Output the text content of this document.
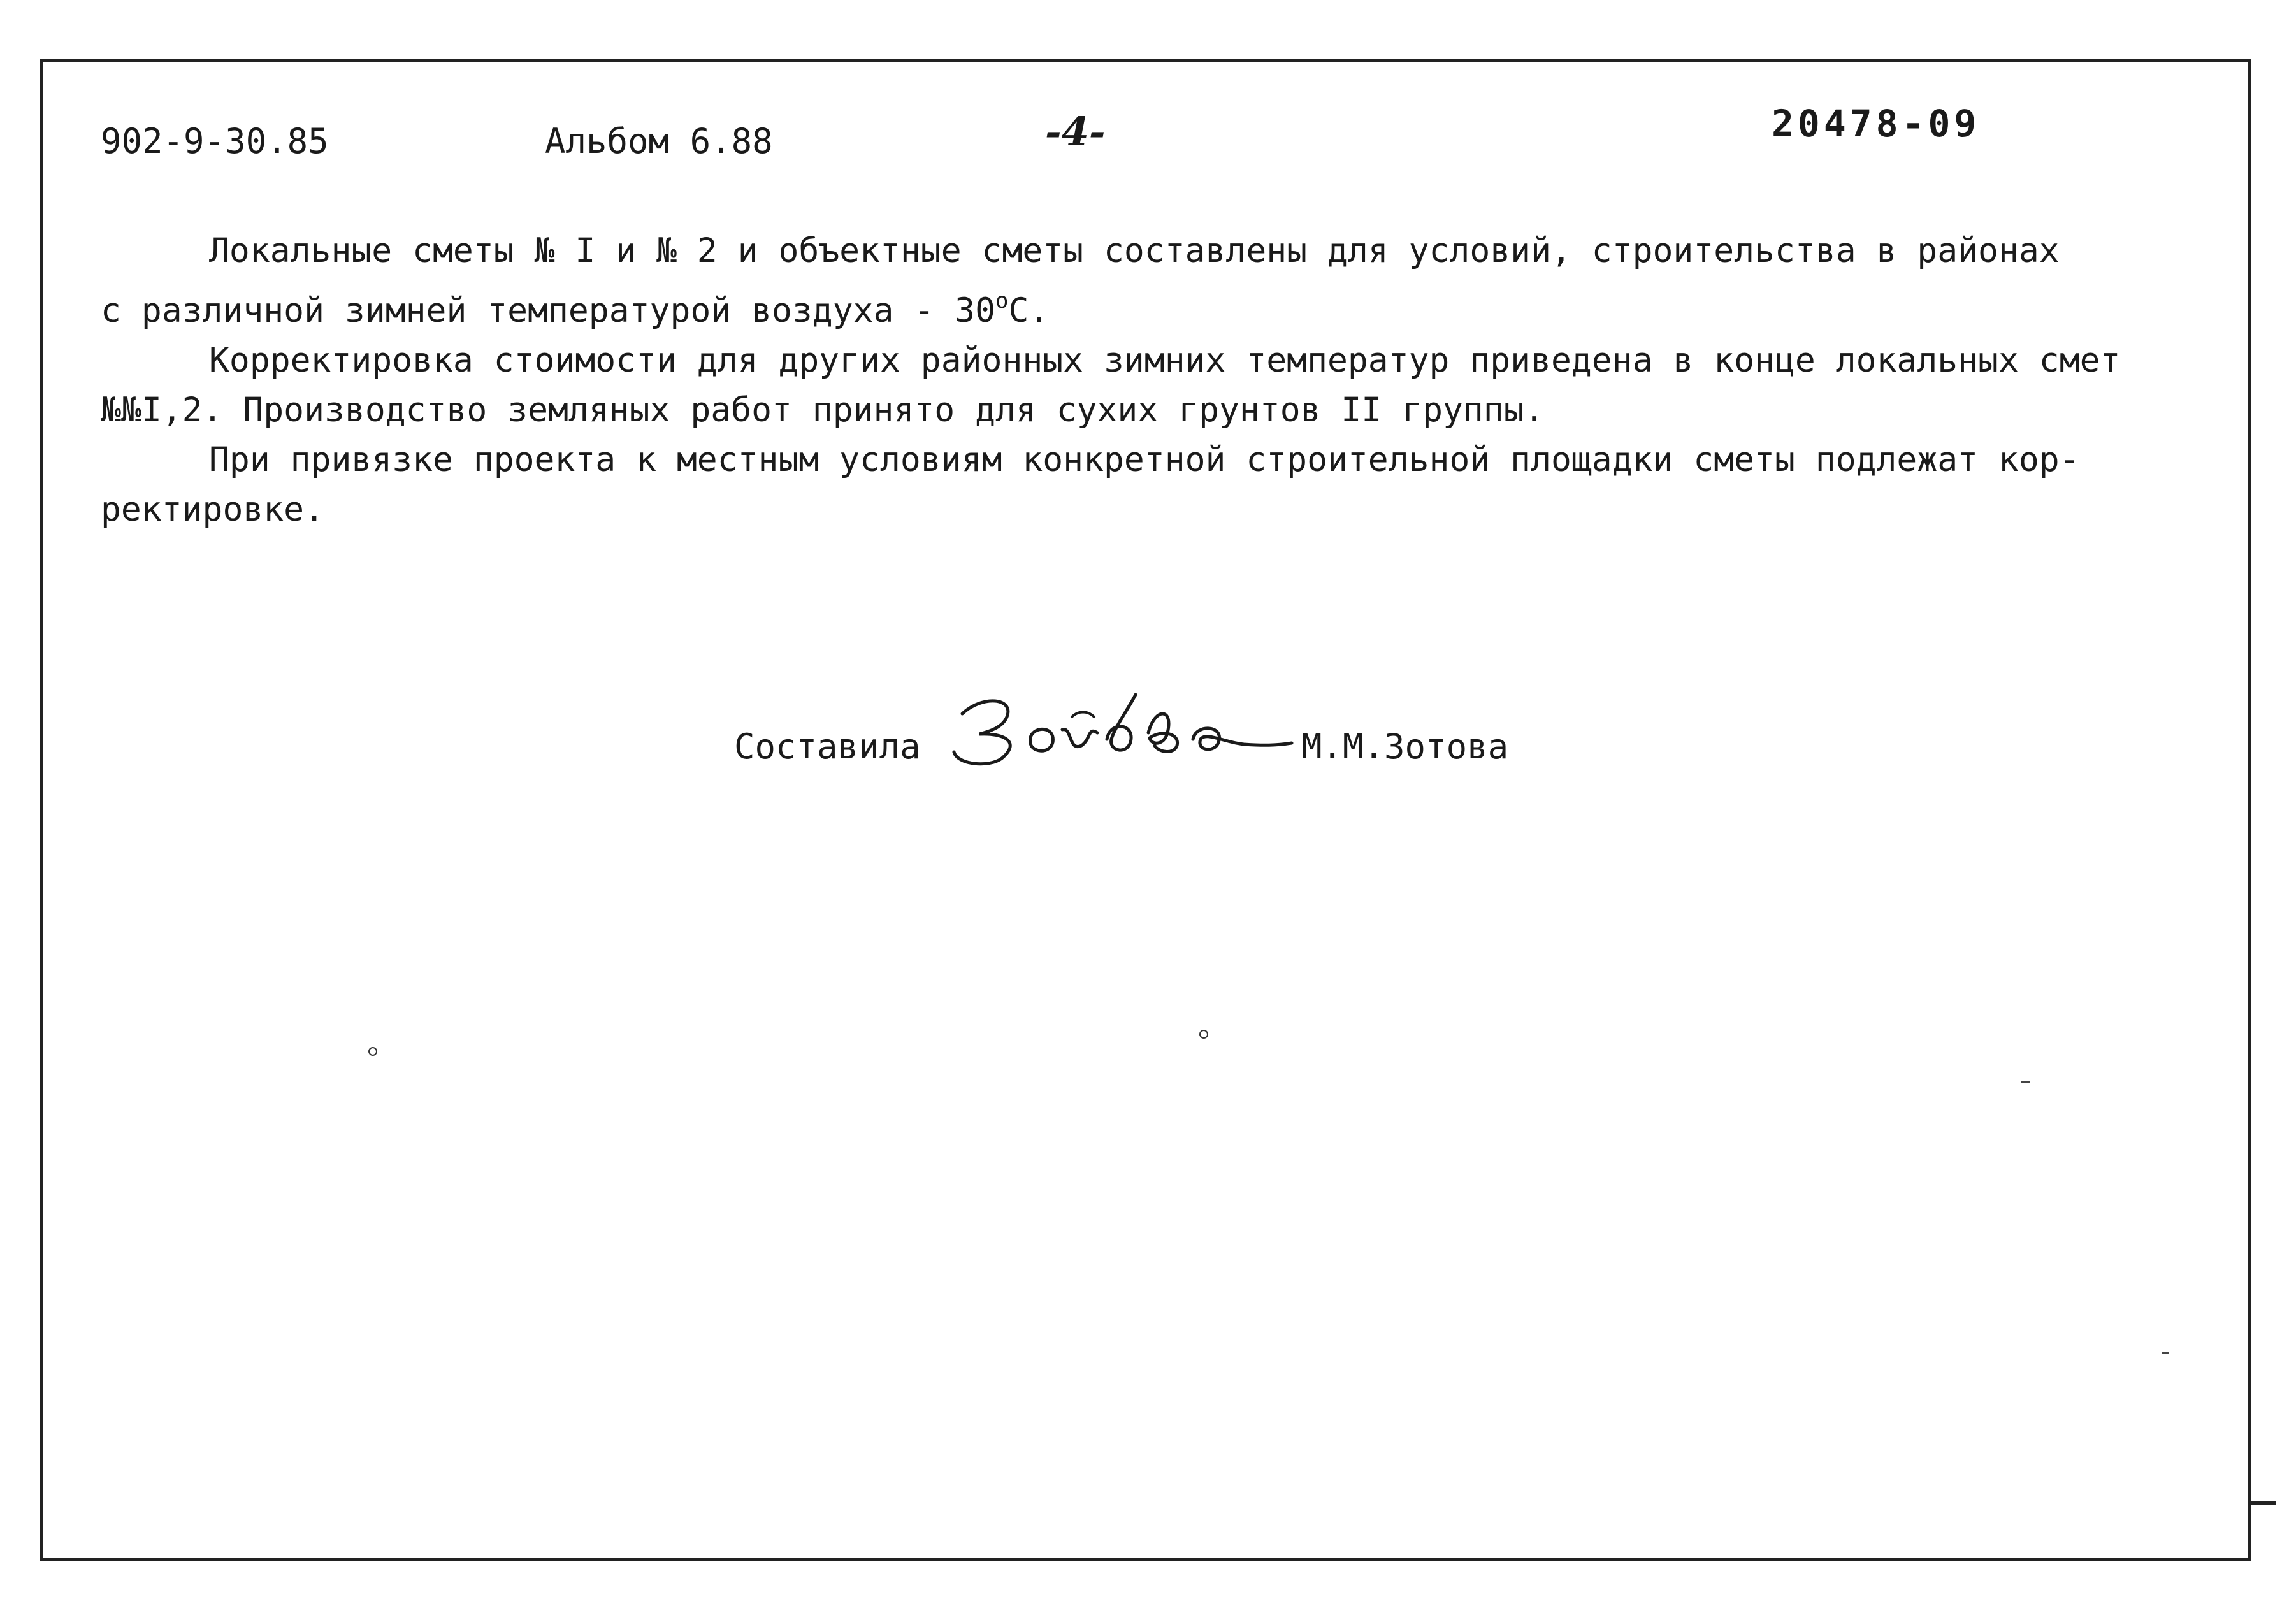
902-9-30.85	Альбом 6.88	-4-	20478-09

Локальные сметы № I и № 2 и объектные сметы составлены для условий, строительства в районах

с различной зимней температурой воздуха - $30^оС$.

Корректировка стоимости для других районных зимних температур приведена в конце локальных смет

№№I,2. Производство земляных работ принято для сухих грунтов II группы.

При привязке проекта к местным условиям конкретной строительной площадки сметы подлежат кор-

ректировке.

Составила	М.М.Зотова
